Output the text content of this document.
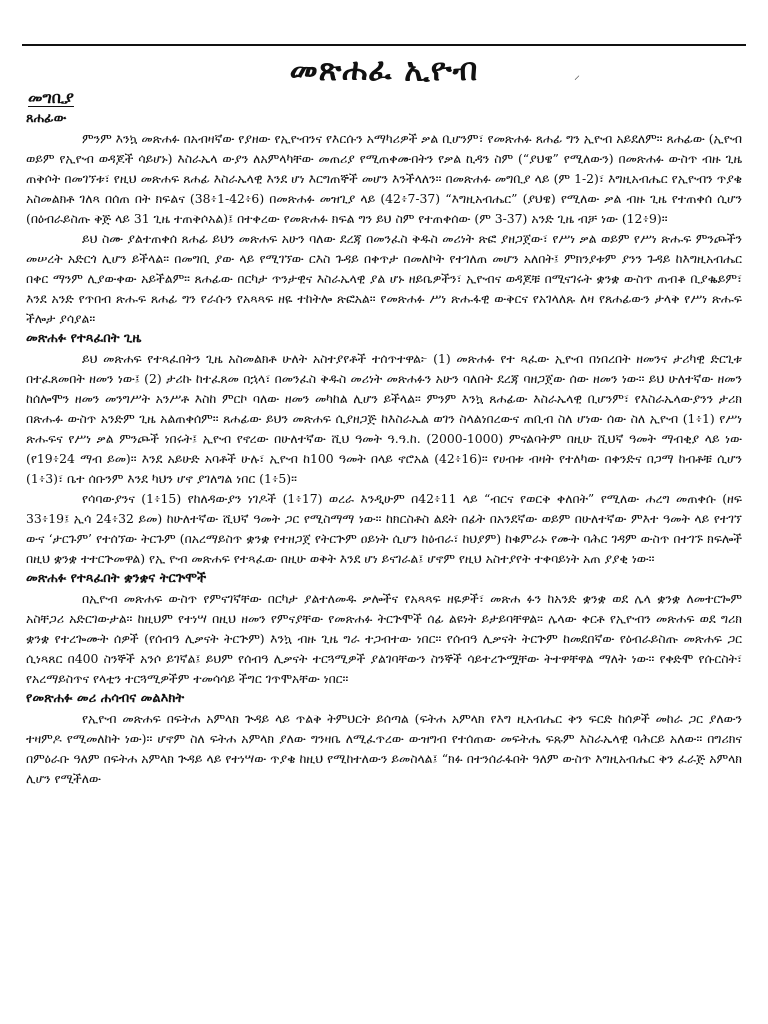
መጽሐፈ ኢዮብ	⸝
መግቢያ
ጸሐፊው

ምንም እንኳ መጽሐፉ በአብዛኛው የያዘው የኢዮብንና የእርሱን አማካሪዎች ቃል ቢሆንም፣ የመጽሐፉ ጸሐፊ ግን ኢዮብ አይደለም። ጸሐፊው (ኢዮብ ወይም የኢዮብ ወዳጆች ሳይሆኑ) እስራኤላ ውያን ለአምላካቸው መጠሪያ የሚጠቀሙበትን የቃል ኪዳን ስም (“ያህዌ” የሚለውን) በመጽሐፉ ውስጥ ብዙ ጊዜ ጠቅሶት በመገኘቱ፣ የዚህ መጽሐፍ ጸሐፊ እስራኤላዊ እንደ ሆነ እርግጠኞች መሆን እንችላለን። በመጽሐፉ መግቢያ ላይ (ም 1-2)፣ እግዚአብሔር የኢዮብን ጥያቄ አስመልክቶ ገለጻ በሰጠ በት ክፍልና (38፥1-42፥6) በመጽሐፉ መዝጊያ ላይ (42፥7-37) “እግዚአብሔር” (ያህዌ) የሚለው ቃል ብዙ ጊዜ የተጠቀሰ ሲሆን (በዕብራይስጡ ቅጅ ላይ 31 ጊዜ ተጠቅሶአል)፤ በተቀረው የመጽሐፉ ክፍል ግን ይህ ስም የተጠቀሰው (ም 3-37) አንድ ጊዜ ብቻ ነው (12፥9)።

ይህ ስሙ ያልተጠቀሰ ጸሐፊ ይህን መጽሐፍ አሁን ባለው ደረጃ በመንፈስ ቅዱስ መሪነት ጽፎ ያዘጋጀው፣ የሥነ ቃል ወይም የሥነ ጽሑፍ ምንጮችን መሠረት አድርጎ ሊሆን ይችላል። በመግቢ ያው ላይ የሚገኘው ርእስ ጉዳይ በቀጥታ በመለኮት የተገለጠ መሆን አለበት፤ ምክንያቱም ያንን ጉዳይ ከእግዚአብሔር በቀር ማንም ሊያውቀው አይችልም። ጸሐፊው በርካታ ጥንታዊና እስራኤላዊ ያል ሆኑ ዘይቤዎችን፣ ኢዮብና ወዳጆቹ በሚናገሩት ቋንቋ ውስጥ ጠብቆ ቢያቈይም፣ እንደ አንድ የጥበብ ጽሑፍ ጸሐፊ ግን የራሱን የአጻጻፍ ዘዬ ተከትሎ ጽፎአል። የመጽሐፉ ሥነ ጽሑፋዊ ውቅርና የአገላለጹ ለዛ የጸሐፊውን ታላቅ የሥነ ጽሑፍ ችሎታ ያሳያል።

መጽሐፉ የተጻፈበት ጊዜ

ይህ መጽሐፍ የተጻፈበትን ጊዜ አስመልክቶ ሁለት አስተያየቶች ተሰጥተዋል፦ (1) መጽሐፉ የተ ጻፈው ኢዮብ በነበረበት ዘመንና ታሪካዊ ድርጊቱ በተፈጸመበት ዘመን ነው፤ (2) ታሪኩ ከተፈጸመ በኋላ፣ በመንፈስ ቅዱስ መሪነት መጽሐፉን አሁን ባለበት ደረጃ ባዘጋጀው ሰው ዘመን ነው። ይህ ሁለተኛው ዘመን ከሰሎሞን ዘመን መንግሥት አንሥቶ እስከ ምርኮ ባለው ዘመን መካከል ሊሆን ይችላል። ምንም እንኳ ጸሐፊው እስራኤላዊ ቢሆንም፣ የእስራኤላውያንን ታሪክ በጽሑፉ ውስጥ አንድም ጊዜ አልጠቀሰም። ጸሐፊው ይህን መጽሐፍ ሲያዘጋጅ ከእስራኤል ወገን ስላልነበረውና ጠቢብ ስለ ሆነው ሰው ስለ ኢዮብ (1፥1) የሥነ ጽሑፍና የሥነ ቃል ምንጮች ነበሩት፤ ኢዮብ የኖረው በሁለተኛው ሺህ ዓመት ዓ.ዓ.ከ. (2000-1000) ምናልባትም በዚሁ ሺህኛ ዓመት ማብቂያ ላይ ነው (የ19፥24 ማብ ይመ)። እንደ አይሁድ አባቶች ሁሉ፣ ኢዮብ ከ100 ዓመት በላይ ኖሮአል (42፥16)። የሀብቱ ብዛት የተለካው በቀንድና በጋማ ከብቶቹ ሲሆን (1፥3)፣ ቤተ ሰቡንም እንደ ካህን ሆኖ ያገለግል ነበር (1፥5)።

የሳባውያንና (1፥15) የከለዳውያን ነገዶች (1፥17) ወረራ እንዲሁም በ42፥11 ላይ “ብርና የወርቅ ቀለበት” የሚለው ሐረግ መጠቀሱ (ዘፍ 33፥19፤ ኢሳ 24፥32 ይመ) ከሁለተኛው ሺህኛ ዓመት ጋር የሚስማማ ነው። ከክርስቶስ ልደት በፊት በአንደኛው ወይም በሁለተኛው ምእተ ዓመት ላይ የተገኘ ውና ‘ታርጉም’ የተሰኘው ትርጉም (በአረማይስጥ ቋንቋ የተዘጋጀ የትርጕም ዐይነት ሲሆን ከዕብራ፣ ከህያም) ከቁምራኑ የሙት ባሕር ገዳም ውስጥ በተገኙ ክፍሎች በዚህ ቋንቋ ተተርጕመዋል) የኢ ዮብ መጽሐፍ የተጻፈው በዚሁ ወቅት እንደ ሆነ ይናገራል፤ ሆኖም የዚህ አስተያየት ተቀባይነት አጠ ያያቂ ነው።

መጽሐፉ የተጻፈበት ቋንቋና ትርጕሞች

በኢዮብ መጽሐፍ ውስጥ የምናገኛቸው በርካታ ያልተለመዱ ቃሎችና የአጻጻፍ ዘዬዎች፣ መጽሐ ፉን ከአንድ ቋንቋ ወደ ሌላ ቋንቋ ለመተርጐም አስቸጋሪ አድርገውታል። ከዚህም የተነሣ በዚህ ዘመን የምናያቸው የመጽሐፉ ትርጕሞች ሰፊ ልዩነት ይታይባቸዋል። ሌላው ቀርቶ የኢዮብን መጽሐፍ ወደ ግሪክ ቋንቋ የተረጐሙት ሰዎች (የሰብዓ ሊቃናት ትርጕም) እንኳ ብዙ ጊዜ ግራ ተጋብተው ነበር። የሰብዓ ሊቃናት ትርጕም ከመደበኛው የዕብራይስጡ መጽሐፍ ጋር ሲነጻጸር በ400 ስንኞች አንሶ ይገኛል፤ ይህም የሰብዓ ሊቃናት ተርጓሚዎች ያልገባቸውን ስንኞች ሳይተረጕሟቸው ትተዋቸዋል ማለት ነው። የቀድሞ የሱርስት፣ የአረማይስጥና የላቲን ተርጓሚዎችም ተመሳሳይ ችግር ገጥሞአቸው ነበር።

የመጽሐፉ መሪ ሐሳብና መልእክት

የኢዮብ መጽሐፍ በፍትሐ አምላክ ጕዳይ ላይ ጥልቅ ትምህርት ይሰጣል (ፍትሐ አምላክ የእግ ዚአብሔር ቅን ፍርድ ከሰዎች መከራ ጋር ያለውን ተዛምዶ የሚመለከት ነው)። ሆኖም ስለ ፍትሐ አምላክ ያለው ግንዛቤ ለሚፈጥረው ውዝግብ የተሰጠው መፍትሔ ፍጹም እስራኤላዊ ባሕርይ አለው። በግሪክና በምዕራቡ ዓለም በፍትሐ አምላክ ጕዳይ ላይ የተነሣው ጥያቄ ከዚህ የሚከተለውን ይመስላል፤ “ክፉ በተንሰራፋበት ዓለም ውስጥ እግዚአብሔር ቅን ፈራጅ አምላክ ሊሆን የሚችለው
